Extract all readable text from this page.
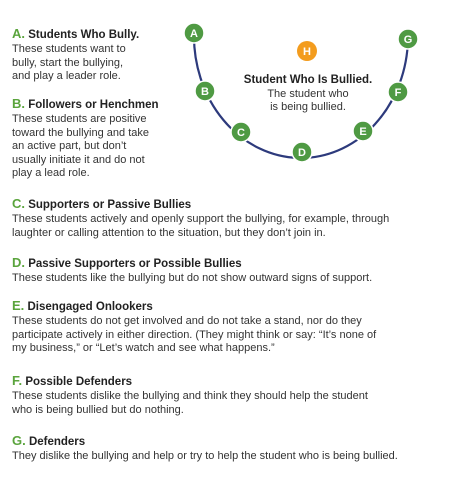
A
B
C
D
E
F
G
H
Student Who Is Bullied.
The student who
is being bullied.

A. Students Who Bully.

These students want to
bully, start the bullying,
and play a leader role.

B. Followers or Henchmen

These students are positive
toward the bullying and take
an active part, but don’t
usually initiate it and do not
play a lead role.

C. Supporters or Passive Bullies

These students actively and openly support the bullying, for example, through
laughter or calling attention to the situation, but they don’t join in.

D. Passive Supporters or Possible Bullies

These students like the bullying but do not show outward signs of support.

E. Disengaged Onlookers

These students do not get involved and do not take a stand, nor do they
participate actively in either direction. (They might think or say: “It’s none of
my business,” or “Let’s watch and see what happens.”

F. Possible Defenders

These students dislike the bullying and think they should help the student
who is being bullied but do nothing.

G. Defenders

They dislike the bullying and help or try to help the student who is being bullied.
